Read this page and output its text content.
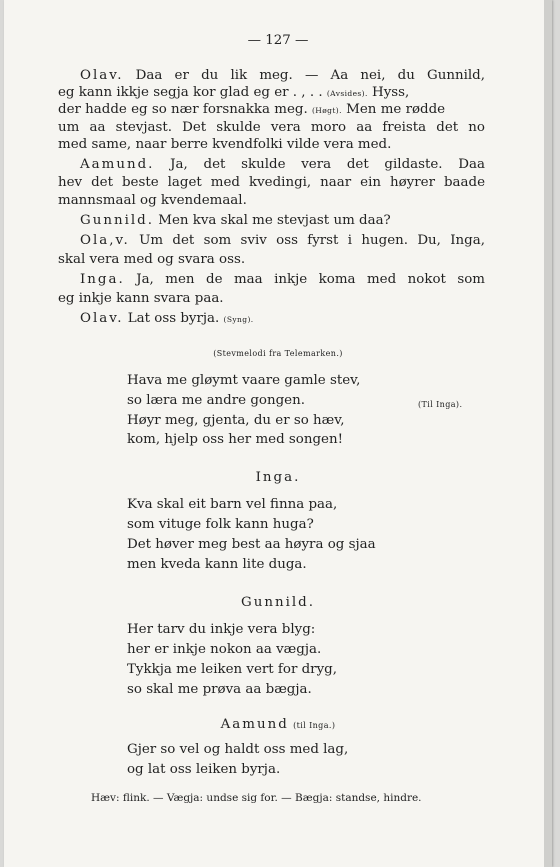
— 127 —
Olav. Daa er du lik meg. — Aa nei, du Gunnild,
eg kann ikkje segja kor glad eg er . , . . (Avsides). Hyss,
der hadde eg so nær forsnakka meg. (Høgt). Men me rødde
um aa stevjast. Det skulde vera moro aa freista det no
med same, naar berre kvendfolki vilde vera med.
Aamund. Ja, det skulde vera det gildaste. Daa
hev det beste laget med kvedingi, naar ein høyrer baade
mannsmaal og kvendemaal.
Gunnild. Men kva skal me stevjast um daa?
Ola,v. Um det som sviv oss fyrst i hugen. Du, Inga,
skal vera med og svara oss.
Inga. Ja, men de maa inkje koma med nokot som
eg inkje kann svara paa.
Olav. Lat oss byrja. (Syng).
(Stevmelodi fra Telemarken.)
Hava me gløymt vaare gamle stev,
so læra me andre gongen.	(Til Inga).
Høyr meg, gjenta, du er so hæv,
kom, hjelp oss her med songen!
Inga.
Kva skal eit barn vel finna paa,
som vituge folk kann huga?
Det høver meg best aa høyra og sjaa
men kveda kann lite duga.
Gunnild.
Her tarv du inkje vera blyg:
her er inkje nokon aa vægja.
Tykkja me leiken vert for dryg,
so skal me prøva aa bægja.
Aamund (til Inga.)
Gjer so vel og haldt oss med lag,
og lat oss leiken byrja.
Hæv: flink. — Vægja: undse sig for. — Bægja: standse, hindre.
